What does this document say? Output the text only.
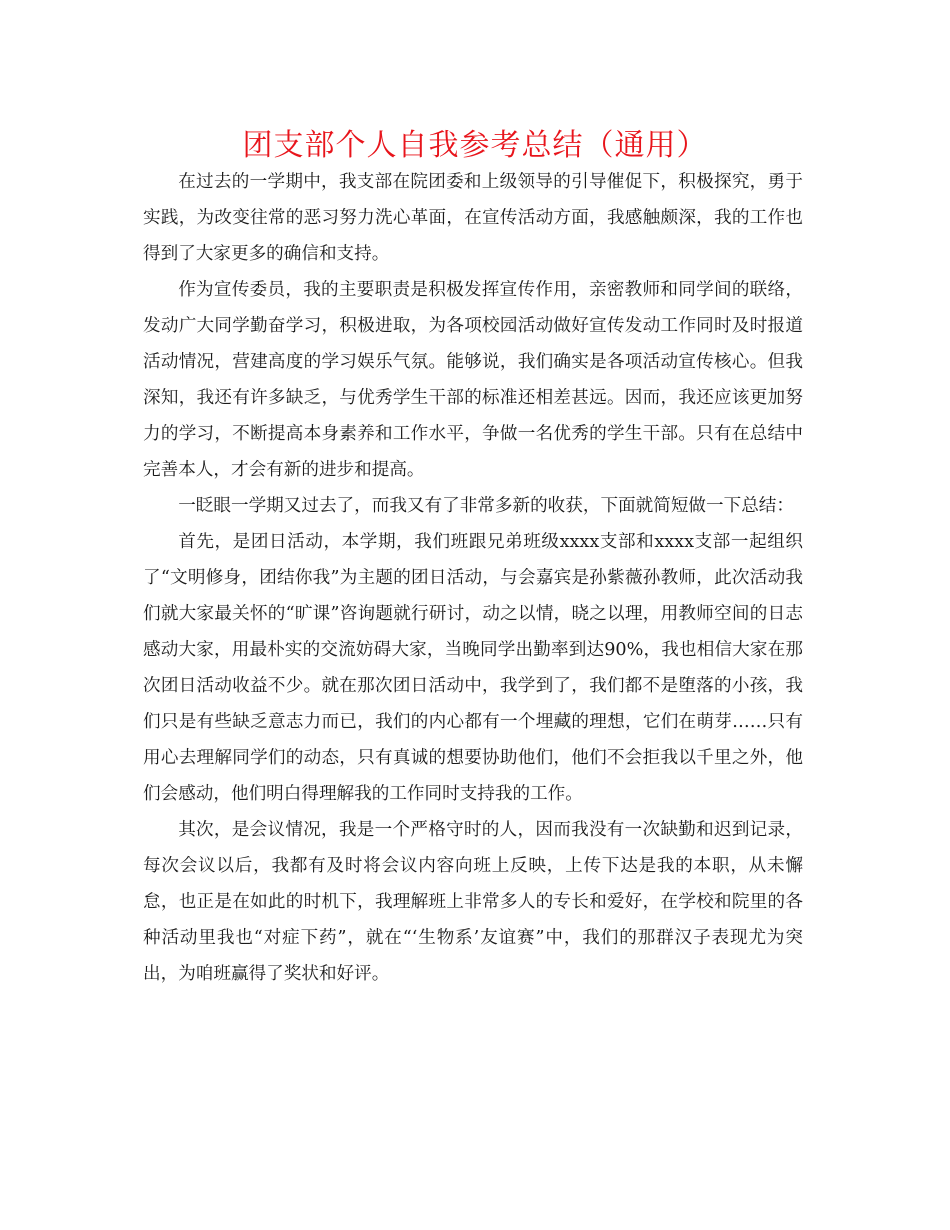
团支部个人自我参考总结（通用）

在过去的一学期中，我支部在院团委和上级领导的引导催促下，积极探究，勇于实践，为改变往常的恶习努力洗心革面，在宣传活动方面，我感触颇深，我的工作也得到了大家更多的确信和支持。

作为宣传委员，我的主要职责是积极发挥宣传作用，亲密教师和同学间的联络，发动广大同学勤奋学习，积极进取，为各项校园活动做好宣传发动工作同时及时报道活动情况，营建高度的学习娱乐气氛。能够说，我们确实是各项活动宣传核心。但我深知，我还有许多缺乏，与优秀学生干部的标准还相差甚远。因而，我还应该更加努力的学习，不断提高本身素养和工作水平，争做一名优秀的学生干部。只有在总结中完善本人，才会有新的进步和提高。

一眨眼一学期又过去了，而我又有了非常多新的收获，下面就简短做一下总结：

首先，是团日活动，本学期，我们班跟兄弟班级xxxx支部和xxxx支部一起组织了“文明修身，团结你我”为主题的团日活动，与会嘉宾是孙紫薇孙教师，此次活动我们就大家最关怀的“旷课”咨询题就行研讨，动之以情，晓之以理，用教师空间的日志感动大家，用最朴实的交流妨碍大家，当晚同学出勤率到达90%，我也相信大家在那次团日活动收益不少。就在那次团日活动中，我学到了，我们都不是堕落的小孩，我们只是有些缺乏意志力而已，我们的内心都有一个埋藏的理想，它们在萌芽……只有用心去理解同学们的动态，只有真诚的想要协助他们，他们不会拒我以千里之外，他们会感动，他们明白得理解我的工作同时支持我的工作。

其次，是会议情况，我是一个严格守时的人，因而我没有一次缺勤和迟到记录，每次会议以后，我都有及时将会议内容向班上反映，上传下达是我的本职，从未懈怠，也正是在如此的时机下，我理解班上非常多人的专长和爱好，在学校和院里的各种活动里我也“对症下药”，就在“‘生物系’友谊赛”中，我们的那群汉子表现尤为突出，为咱班赢得了奖状和好评。
